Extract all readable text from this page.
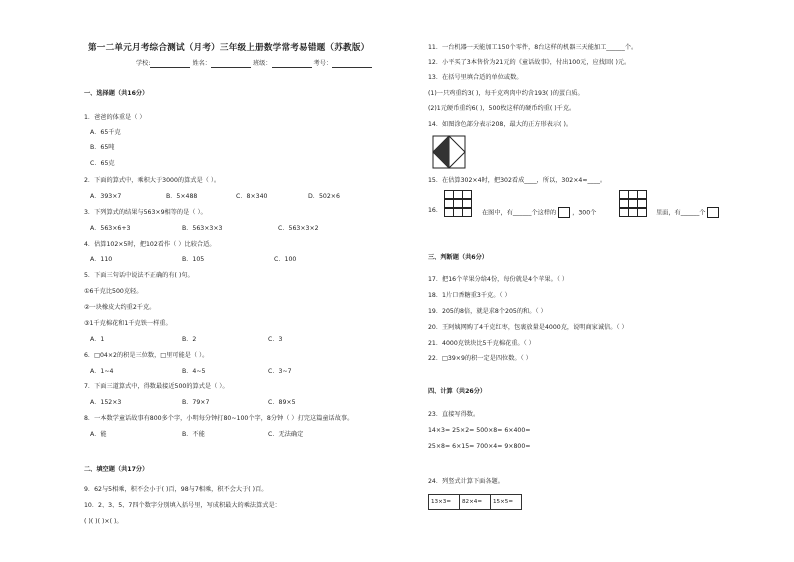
第一二单元月考综合测试（月考）三年级上册数学常考易错题（苏教版）
学校:	姓名：	班级：	考号：
一、选择题（共16分）
1．爸爸的体重是（ ）
A．65千克
B．65吨
C．65克
2．下面的算式中，乘积大于3000的算式是（ ）。
A．393×7	B．5×488	C．8×340	D．502×6
3．下列算式的结果与563×9相等的是（ ）。
A．563×6+3	B．563×3×3	C．563×3×2
4．估算102×5时，把102看作（ ）比较合适。
A．110	B．105	C．100
5．下面三句话中说法不正确的有( )句。
①6千克比500克轻。
②一块橡皮大约重2千克。
③1千克棉花和1千克铁一样重。
A．1	B．2	C．3
6．□04×2的积是三位数，□里可能是（ ）。
A．1~4	B．4~5	C．3~7
7．下面三道算式中，得数最接近500的算式是（ ）。
A．152×3	B．79×7	C．89×5
8．一本数学童话故事有800多个字，小明每分钟打80~100个字，8分钟（ ）打完这篇童话故事。
A．能	B．不能	C．无法确定
二、填空题（共17分）
9．62与5相乘，积不会小于( )百，98与7相乘，积不会大于( )百。
10．2、3、5、7四个数字分别填入括号里，写成积最大的乘法算式是：
( )( )( )×( )。
11．一台机器一天能加工150个零件，8台这样的机器三天能加工______个。
12．小平买了3本售价为21元的《童话故事》，付出100元，应找回( )元。
13．在括号里填合适的单位或数。
(1)一只鸡重约3( )，每千克鸡肉中约含193( )的蛋白质。
(2)1元硬币重约6( )，500枚这样的硬币约重( )千克。
14．如图涂色部分表示208，最大的正方形表示( )。
15．在估算302×4时，把302看成____，所以，302×4≈____。
16．	在图中，有______个这样的	，300个	里面，有______个
三、判断题（共6分）
17．把16个苹果分给4份，每份就是4个苹果。（ ）
18．1片口香糖重3千克。（ ）
19．205的8倍，就是求8个205的和。（ ）
20．王阿姨网购了4千克红枣，包裹放量是4000克，说明商家诚信。（ ）
21．4000克铁块比5千克棉花重。（ ）
22．□39×9的积一定是四位数。（ ）
四、计算（共26分）
23．直接写得数。
14×3= 25×2= 500×8= 6×400=
25×8= 6×15= 700×4= 9×800=
24．列竖式计算下面各题。
13×3=	82×4=	15×5=
